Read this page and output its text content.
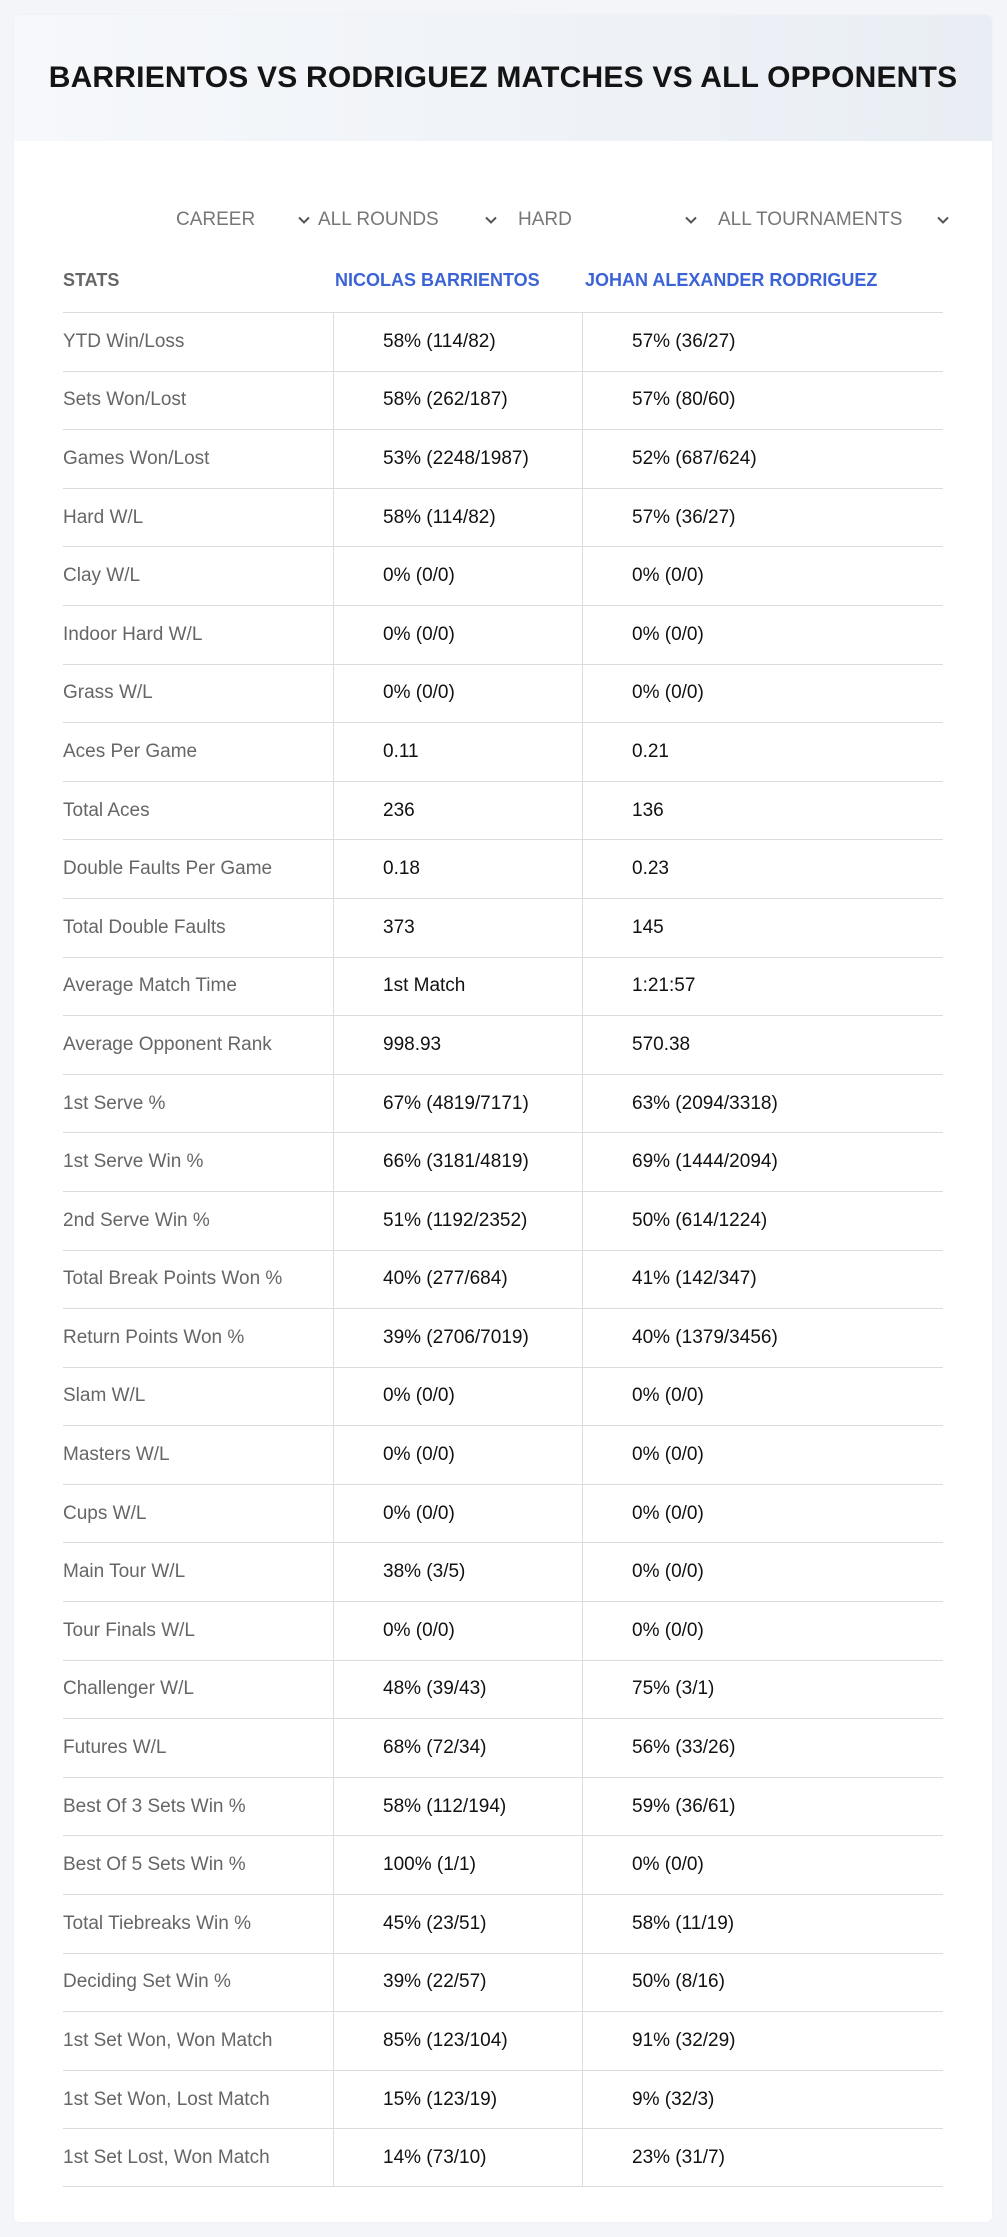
BARRIENTOS VS RODRIGUEZ MATCHES VS ALL OPPONENTS
CAREER	ALL ROUNDS	HARD	ALL TOURNAMENTS
STATS	NICOLAS BARRIENTOS	JOHAN ALEXANDER RODRIGUEZ
YTD Win/Loss	58% (114/82)	57% (36/27)
Sets Won/Lost	58% (262/187)	57% (80/60)
Games Won/Lost	53% (2248/1987)	52% (687/624)
Hard W/L	58% (114/82)	57% (36/27)
Clay W/L	0% (0/0)	0% (0/0)
Indoor Hard W/L	0% (0/0)	0% (0/0)
Grass W/L	0% (0/0)	0% (0/0)
Aces Per Game	0.11	0.21
Total Aces	236	136
Double Faults Per Game	0.18	0.23
Total Double Faults	373	145
Average Match Time	1st Match	1:21:57
Average Opponent Rank	998.93	570.38
1st Serve %	67% (4819/7171)	63% (2094/3318)
1st Serve Win %	66% (3181/4819)	69% (1444/2094)
2nd Serve Win %	51% (1192/2352)	50% (614/1224)
Total Break Points Won %	40% (277/684)	41% (142/347)
Return Points Won %	39% (2706/7019)	40% (1379/3456)
Slam W/L	0% (0/0)	0% (0/0)
Masters W/L	0% (0/0)	0% (0/0)
Cups W/L	0% (0/0)	0% (0/0)
Main Tour W/L	38% (3/5)	0% (0/0)
Tour Finals W/L	0% (0/0)	0% (0/0)
Challenger W/L	48% (39/43)	75% (3/1)
Futures W/L	68% (72/34)	56% (33/26)
Best Of 3 Sets Win %	58% (112/194)	59% (36/61)
Best Of 5 Sets Win %	100% (1/1)	0% (0/0)
Total Tiebreaks Win %	45% (23/51)	58% (11/19)
Deciding Set Win %	39% (22/57)	50% (8/16)
1st Set Won, Won Match	85% (123/104)	91% (32/29)
1st Set Won, Lost Match	15% (123/19)	9% (32/3)
1st Set Lost, Won Match	14% (73/10)	23% (31/7)
